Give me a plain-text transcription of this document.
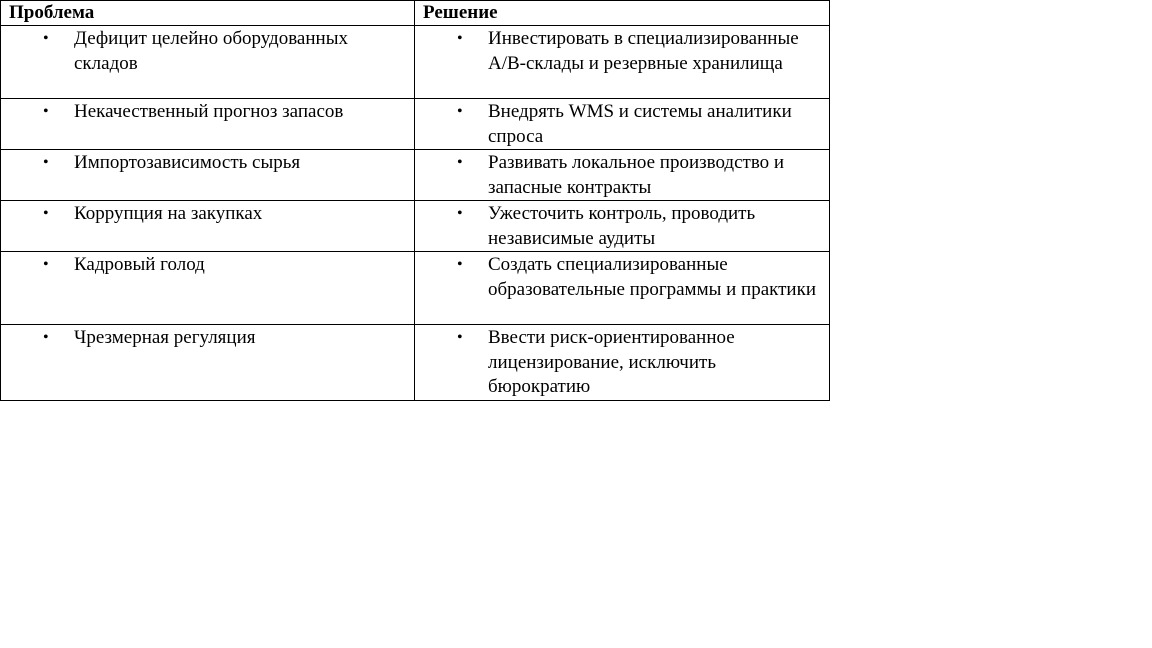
Проблема	Решение

• Дефицит целейно оборудованных складов	• Инвестировать в специализированные А/В-склады и резервные хранилища

• Некачественный прогноз запасов	• Внедрять WMS и системы аналитики спроса

• Импортозависимость сырья	• Развивать локальное производство и запасные контракты

• Коррупция на закупках	• Ужесточить контроль, проводить независимые аудиты

• Кадровый голод	• Создать специализированные образовательные программы и практики

• Чрезмерная регуляция	• Ввести риск-ориентированное лицензирование, исключить бюрократию
